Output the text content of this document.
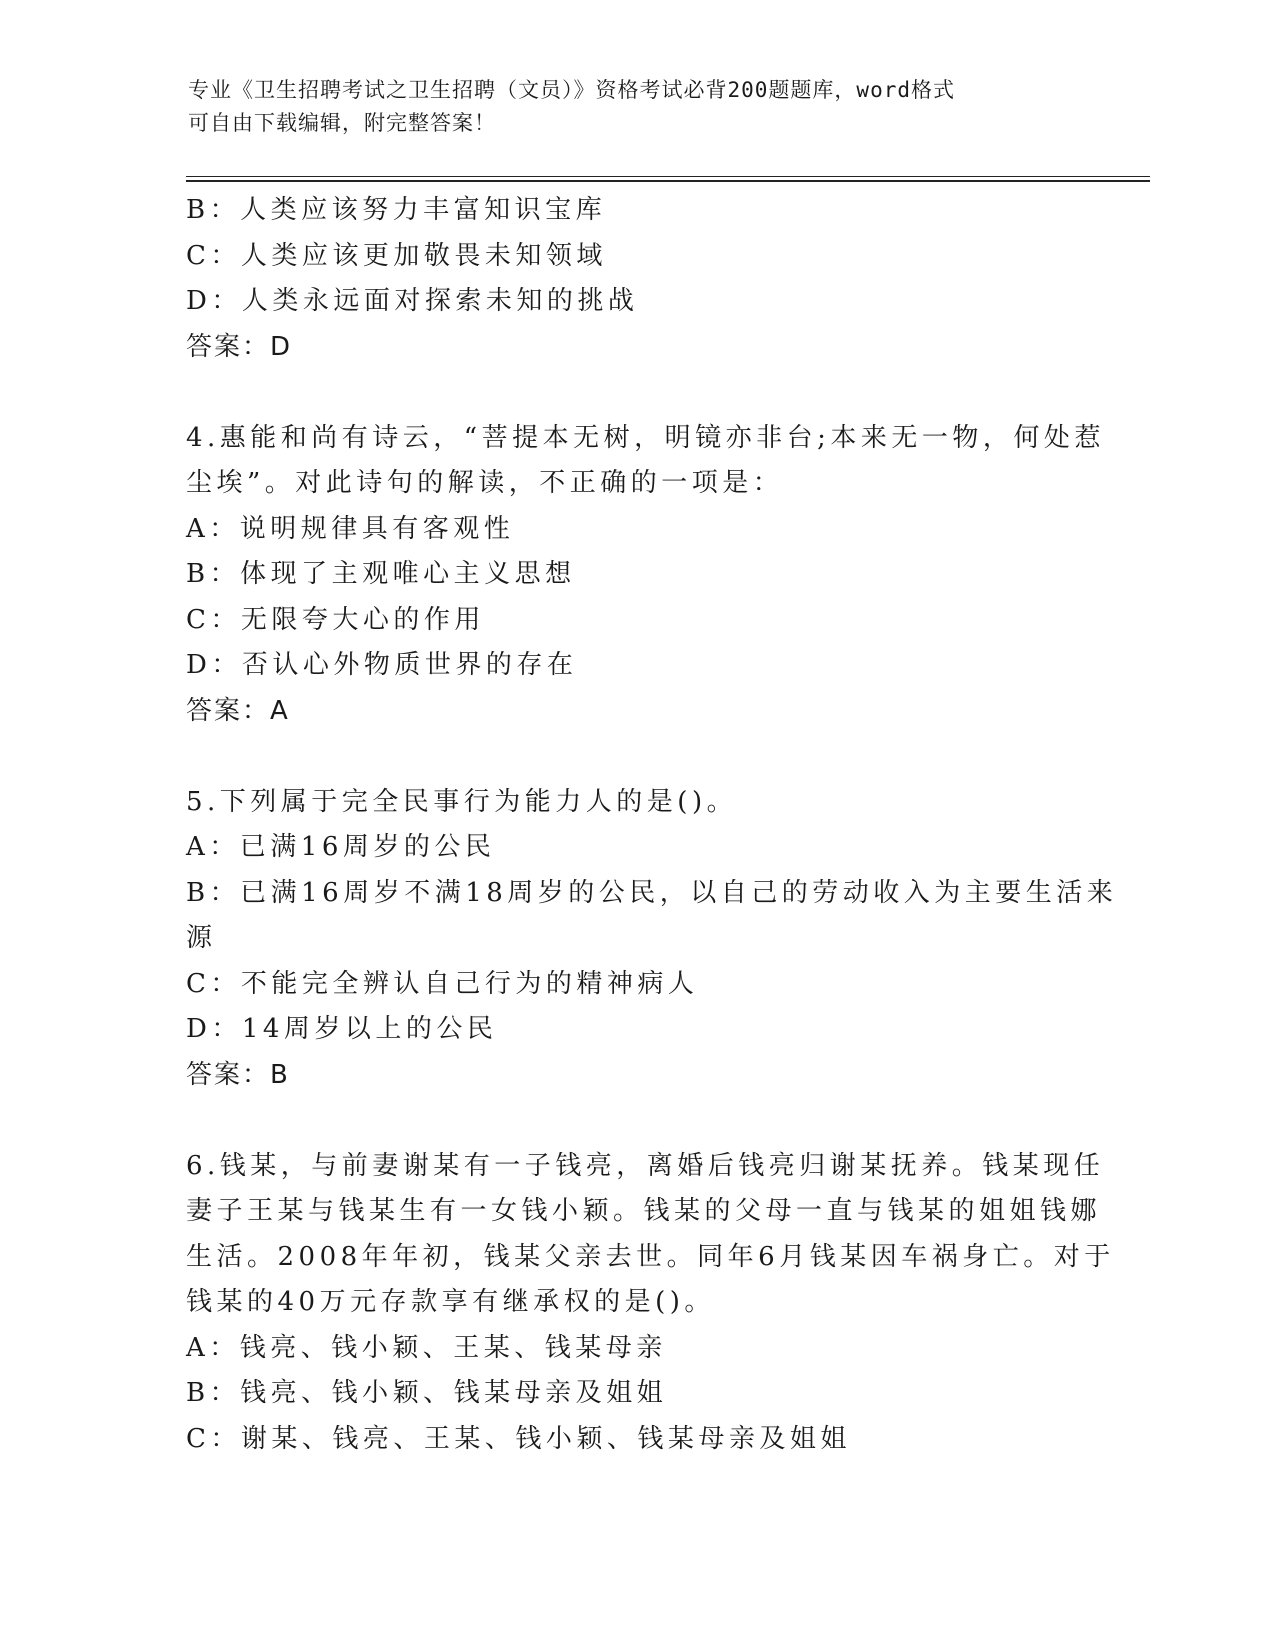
专业《卫生招聘考试之卫生招聘（文员）》资格考试必背200题题库，word格式
可自由下载编辑，附完整答案！
B：人类应该努力丰富知识宝库
C：人类应该更加敬畏未知领域
D：人类永远面对探索未知的挑战
答案：D
4.惠能和尚有诗云，“菩提本无树，明镜亦非台;本来无一物，何处惹
尘埃”。对此诗句的解读，不正确的一项是：
A：说明规律具有客观性
B：体现了主观唯心主义思想
C：无限夸大心的作用
D：否认心外物质世界的存在
答案：A
5.下列属于完全民事行为能力人的是()。
A：已满16周岁的公民
B：已满16周岁不满18周岁的公民，以自己的劳动收入为主要生活来
源
C：不能完全辨认自己行为的精神病人
D：14周岁以上的公民
答案：B
6.钱某，与前妻谢某有一子钱亮，离婚后钱亮归谢某抚养。钱某现任
妻子王某与钱某生有一女钱小颖。钱某的父母一直与钱某的姐姐钱娜
生活。2008年年初，钱某父亲去世。同年6月钱某因车祸身亡。对于
钱某的40万元存款享有继承权的是()。
A：钱亮、钱小颖、王某、钱某母亲
B：钱亮、钱小颖、钱某母亲及姐姐
C：谢某、钱亮、王某、钱小颖、钱某母亲及姐姐
